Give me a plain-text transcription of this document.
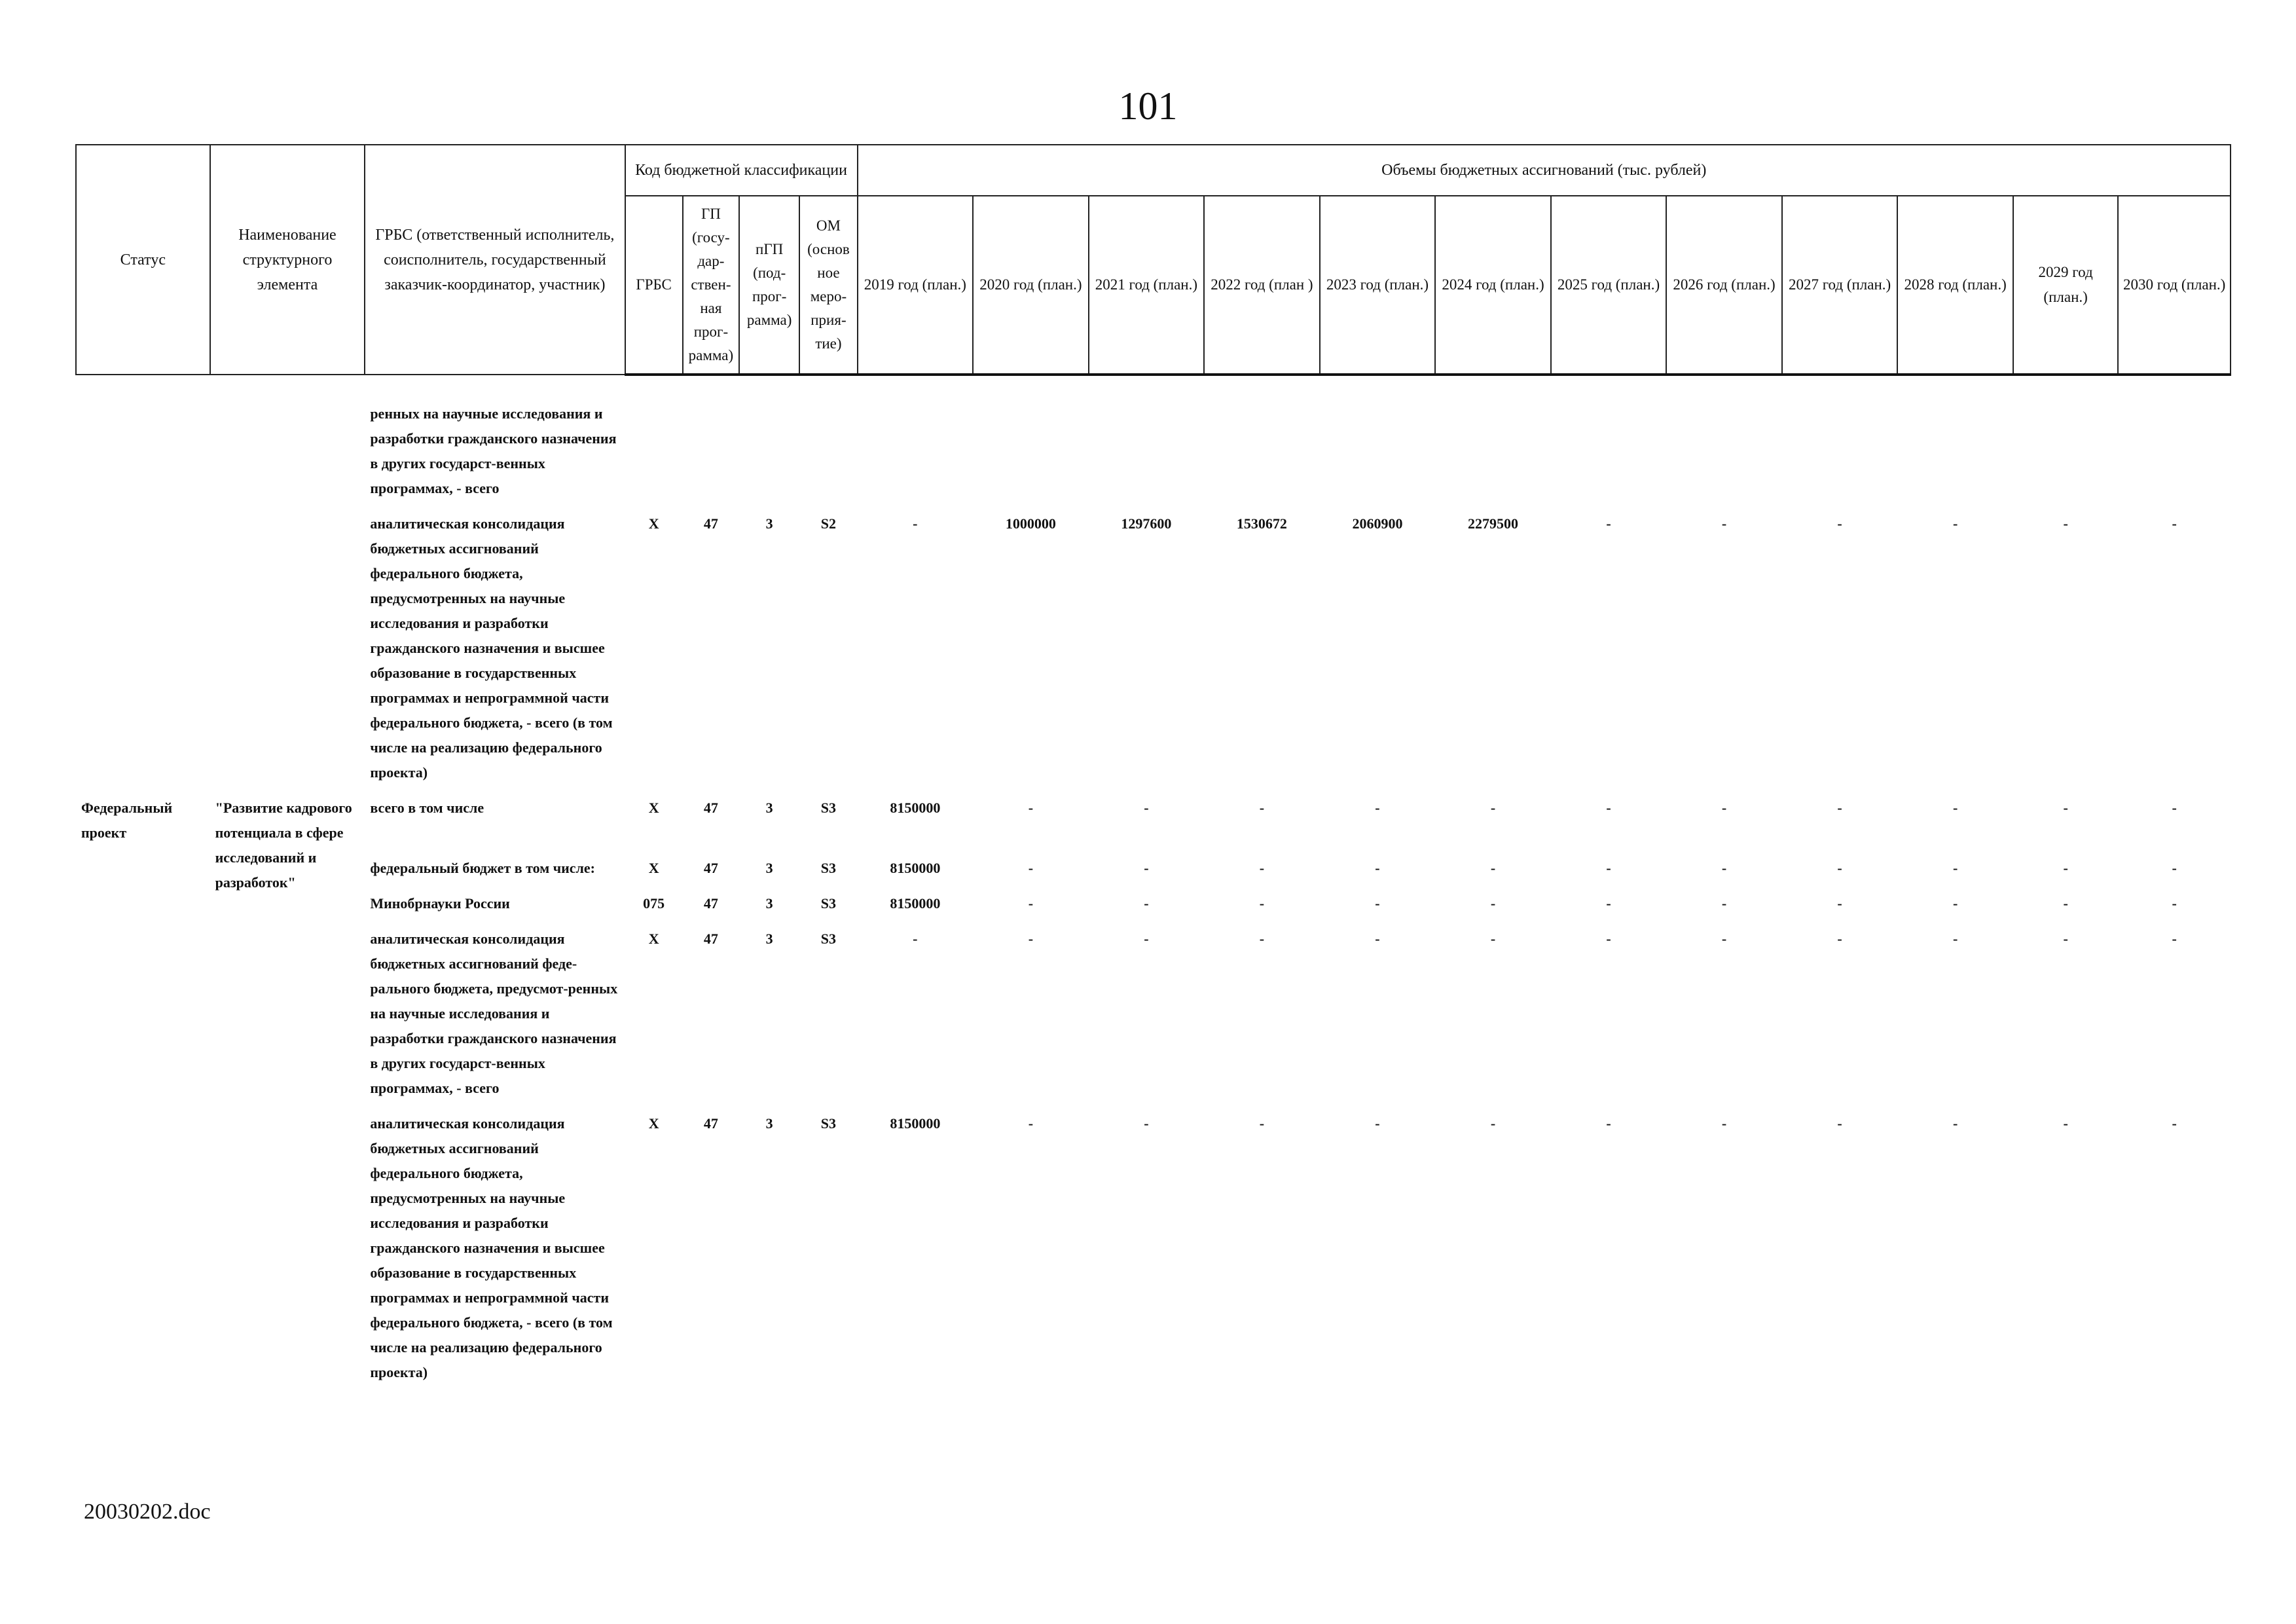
101
Статус	Наименование структурного элемента	ГРБС (ответственный исполнитель, соисполнитель, государственный заказчик-координатор, участник)	Код бюджетной классификации				Объемы бюджетных ассигнований (тыс. рублей)											
			ГРБС	ГП (госу-дар-ствен-ная прог-рамма)	пГП (под-прог-рамма)	ОМ (основ ное меро-прия-тие)	2019 год (план.)	2020 год (план.)	2021 год (план.)	2022 год (план )	2023 год (план.)	2024 год (план.)	2025 год (план.)	2026 год (план.)	2027 год (план.)	2028 год (план.)	2029 год (план.)	2030 год (план.)
		ренных на научные исследования и разработки гражданского назначения в других государст-венных программах, - всего																
		аналитическая консолидация бюджетных ассигнований федерального бюджета, предусмотренных на научные исследования и разработки гражданского назначения и высшее образование в государственных программах и непрограммной части федерального бюджета, - всего (в том числе на реализацию федерального проекта)	Х	47	3	S2	-	1000000	1297600	1530672	2060900	2279500	-	-	-	-	-	-
Федеральный проект	"Развитие кадрового потенциала в сфере исследований и разработок"	всего в том числе	Х	47	3	S3	8150000	-	-	-	-	-	-	-	-	-	-	-
		федеральный бюджет в том числе:	Х	47	3	S3	8150000	-	-	-	-	-	-	-	-	-	-	-
		Минобрнауки России	075	47	3	S3	8150000	-	-	-	-	-	-	-	-	-	-	-
		аналитическая консолидация бюджетных ассигнований феде-рального бюджета, предусмот-ренных на научные исследования и разработки гражданского назначения в других государст-венных программах, - всего	Х	47	3	S3	-	-	-	-	-	-	-	-	-	-	-	-
		аналитическая консолидация бюджетных ассигнований федерального бюджета, предусмотренных на научные исследования и разработки гражданского назначения и высшее образование в государственных программах и непрограммной части федерального бюджета, - всего (в том числе на реализацию федерального проекта)	Х	47	3	S3	8150000	-	-	-	-	-	-	-	-	-	-	-
20030202.doc
